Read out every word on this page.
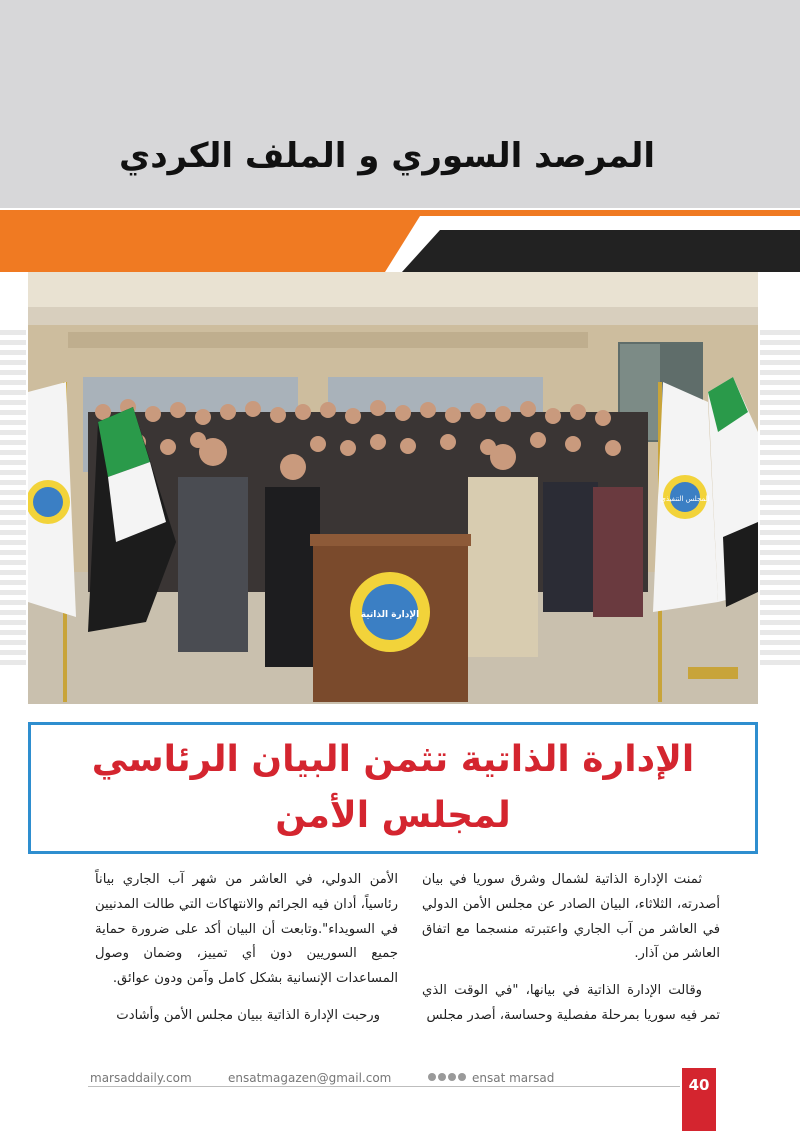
المرصد السوري و الملف الكردي
الإدارة الذاتية
المجلس التنفيذي
الإدارة الذاتية تثمن البيان الرئاسي لمجلس الأمن

ثمنت الإدارة الذاتية لشمال وشرق سوريا في بيان أصدرته، الثلاثاء، البيان الصادر عن مجلس الأمن الدولي في العاشر من آب الجاري واعتبرته منسجما مع اتفاق العاشر من آذار.

وقالت الإدارة الذاتية في بيانها، "في الوقت الذي تمر فيه سوريا بمرحلة مفصلية وحساسة، أصدر مجلس

الأمن الدولي، في العاشر من شهر آب الجاري بياناً رئاسياً، أدان فيه الجرائم والانتهاكات التي طالت المدنيين في السويداء".وتابعت أن البيان أكد على ضرورة حماية جميع السوريين دون أي تمييز، وضمان وصول المساعدات الإنسانية بشكل كامل وآمن ودون عوائق.

ورحبت الإدارة الذاتية ببيان مجلس الأمن وأشادت

marsaddaily.com	ensatmagazen@gmail.com	ensat marsad	40
